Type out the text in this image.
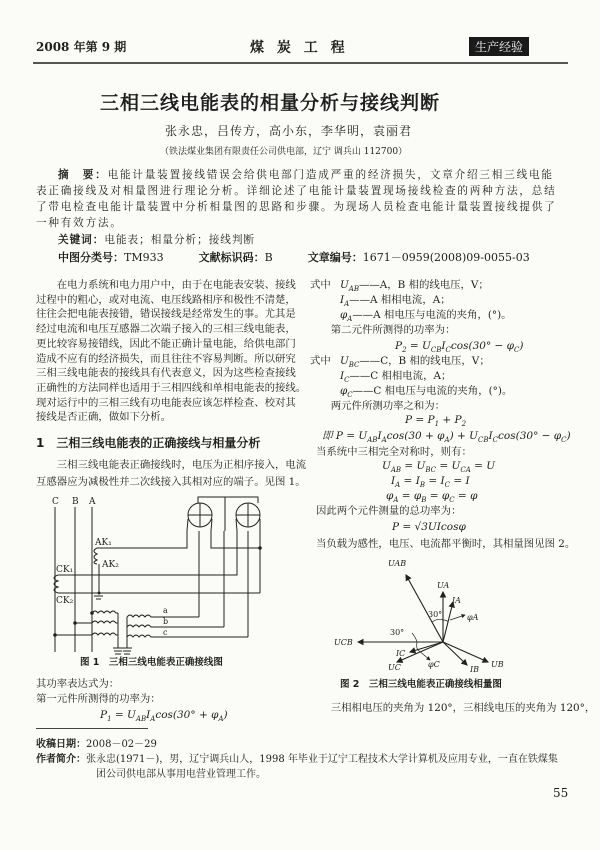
2008 年第 9 期	煤 炭 工 程	生产经验
三相三线电能表的相量分析与接线判断
张永忠，吕传方，高小东，李华明，袁丽君
（铁法煤业集团有限责任公司供电部，辽宁 调兵山 112700）
摘　要：电能计量装置接线错误会给供电部门造成严重的经济损失，文章介绍三相三线电能
表正确接线及对相量图进行理论分析。详细论述了电能计量装置现场接线检查的两种方法，总结
了带电检查电能计量装置中分析相量图的思路和步骤。为现场人员检查电能计量装置接线提供了
一种有效方法。
关键词：电能表；相量分析；接线判断
中图分类号：TM933	文献标识码：B	文章编号：1671－0959(2008)09-0055-03
　　在电力系统和电力用户中，由于在电能表安装、接线
过程中的粗心，或对电流、电压线路相序和极性不清楚，
往往会把电能表接错，错误接线是经常发生的事。尤其是
经过电流和电压互感器二次端子接入的三相三线电能表，
更比较容易接错线，因此不能正确计量电能，给供电部门
造成不应有的经济损失，而且往往不容易判断。所以研究
三相三线电能表的接线具有代表意义，因为这些检查接线
正确性的方法同样也适用于三相四线和单相电能表的接线。
现对运行中的三相三线有功电能表应该怎样检查、校对其
接线是否正确，做如下分析。
1　三相三线电能表的正确接线与相量分析
　　三相三线电能表正确接线时，电压为正相序接入，电流
互感器应为减极性并二次线接入其相对应的端子。见图 1。
C B A
AK₁
AK₂
CK₁
CK₂
a
b
c
UAB
UA
IA
30°	φA
30°
UCB
IC
UC	φC
IB
UB
图 1　三相三线电能表正确接线图
其功率表达式为：
第一元件所测得的功率为：
$P_1 = U_{AB}I_A\cos(30^\circ + \varphi_A)$
式中 $U_{AB}——A$，B 相的线电压，V；
$I_A——A$ 相相电流，A；
$\varphi_A——A$ 相电压与电流的夹角，(°)。
　　第二元件所测得的功率为：
$P_2 = U_{CB}I_C\cos(30^\circ - \varphi_C)$
式中 $U_{BC}——C$，B 相的线电压，V；
$I_C——C$ 相相电流，A；
$\varphi_C——C$ 相电压与电流的夹角，(°)。
　　两元件所测功率之和为：
$P = P_1 + P_2$
即 $P = U_{AB}I_A\cos(30 + \varphi_A) + U_{CB}I_C\cos(30^\circ - \varphi_C)$
当系统中三相完全对称时，则有：
$U_{AB} = U_{BC} = U_{CA} = U$
$I_A = I_B = I_C = I$
$\varphi_A = \varphi_B = \varphi_C = \varphi$
因此两个元件测量的总功率为：
P = √3UIcosφ
当负载为感性，电压、电流都平衡时，其相量图见图 2。
图 2　三相三线电能表正确接线相量图
　　三相相电压的夹角为 120°，三相线电压的夹角为 120°，
收稿日期：2008－02－29
作者简介：张永忠(1971－)，男，辽宁调兵山人，1998 年毕业于辽宁工程技术大学计算机及应用专业，一直在铁煤集
团公司供电部从事用电营业管理工作。
55
